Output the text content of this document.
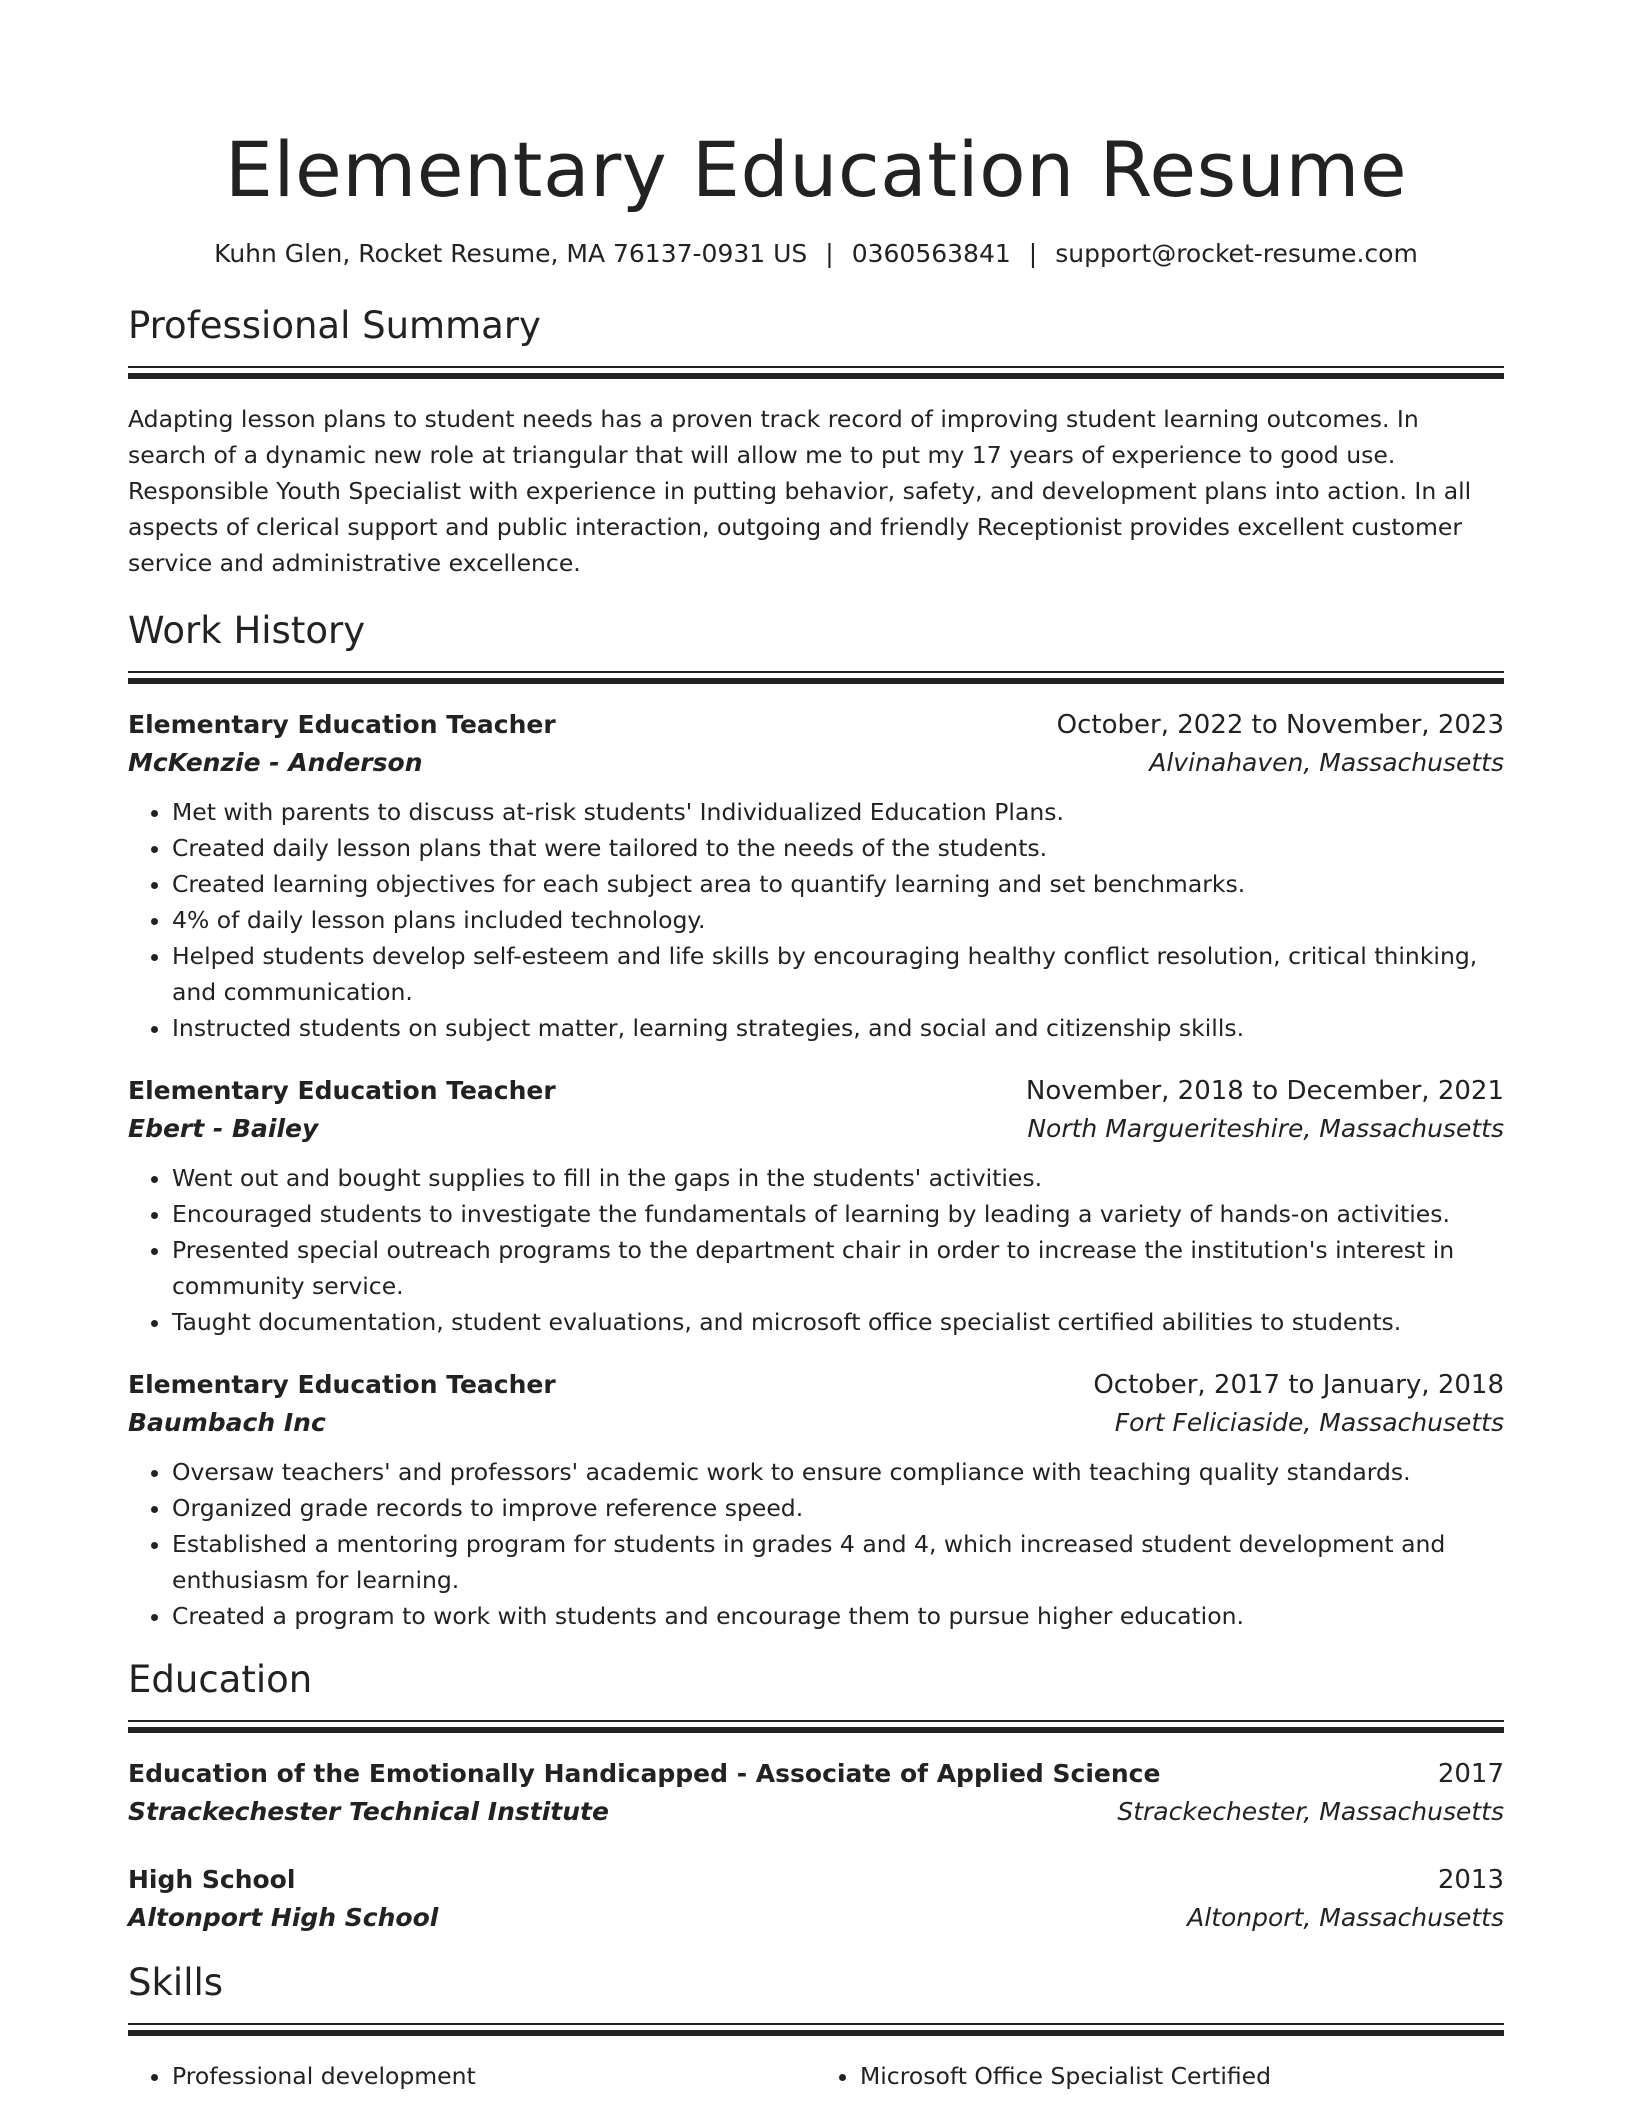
Elementary Education Resume
Kuhn Glen, Rocket Resume, MA 76137-0931 US | 0360563841 | support@rocket-resume.com
Professional Summary

Adapting lesson plans to student needs has a proven track record of improving student learning outcomes. In search of a dynamic new role at triangular that will allow me to put my 17 years of experience to good use. Responsible Youth Specialist with experience in putting behavior, safety, and development plans into action. In all aspects of clerical support and public interaction, outgoing and friendly Receptionist provides excellent customer service and administrative excellence.

Work History
Elementary Education Teacher	October, 2022 to November, 2023
McKenzie - Anderson	Alvinahaven, Massachusetts
• Met with parents to discuss at-risk students' Individualized Education Plans.
• Created daily lesson plans that were tailored to the needs of the students.
• Created learning objectives for each subject area to quantify learning and set benchmarks.
• 4% of daily lesson plans included technology.
• Helped students develop self-esteem and life skills by encouraging healthy conflict resolution, critical thinking, and communication.
• Instructed students on subject matter, learning strategies, and social and citizenship skills.
Elementary Education Teacher	November, 2018 to December, 2021
Ebert - Bailey	North Margueriteshire, Massachusetts
• Went out and bought supplies to fill in the gaps in the students' activities.
• Encouraged students to investigate the fundamentals of learning by leading a variety of hands-on activities.
• Presented special outreach programs to the department chair in order to increase the institution's interest in community service.
• Taught documentation, student evaluations, and microsoft office specialist certified abilities to students.
Elementary Education Teacher	October, 2017 to January, 2018
Baumbach Inc	Fort Feliciaside, Massachusetts
• Oversaw teachers' and professors' academic work to ensure compliance with teaching quality standards.
• Organized grade records to improve reference speed.
• Established a mentoring program for students in grades 4 and 4, which increased student development and enthusiasm for learning.
• Created a program to work with students and encourage them to pursue higher education.
Education
Education of the Emotionally Handicapped - Associate of Applied Science	2017
Strackechester Technical Institute	Strackechester, Massachusetts
High School	2013
Altonport High School	Altonport, Massachusetts
Skills
• Professional development
•	Microsoft Office Specialist Certified
